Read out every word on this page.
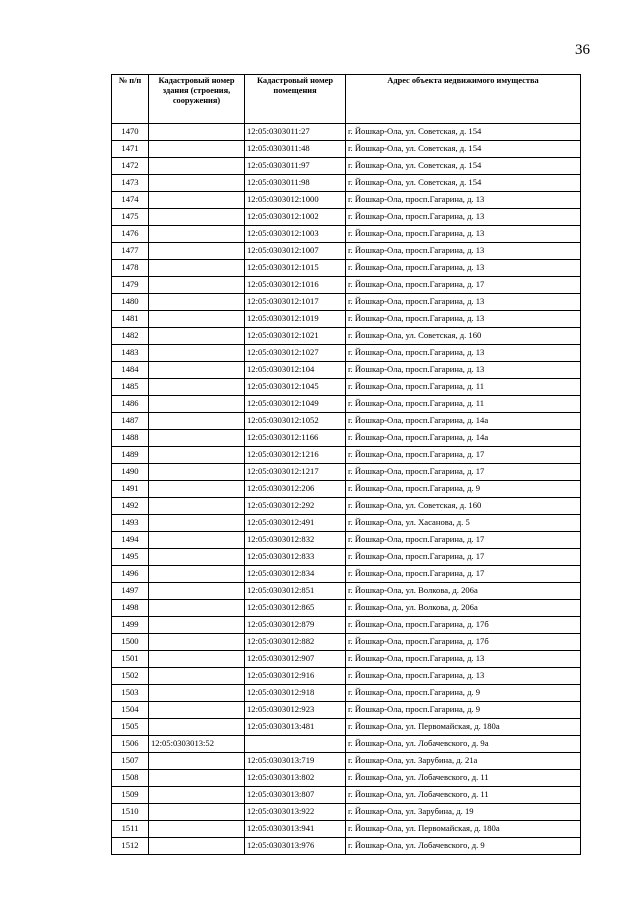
36
№ п/п	Кадастровый номер здания (строения, сооружения)	Кадастровый номер помещения	Адрес объекта недвижимого имущества
1470		12:05:0303011:27	г. Йошкар-Ола, ул. Советская, д. 154
1471		12:05:0303011:48	г. Йошкар-Ола, ул. Советская, д. 154
1472		12:05:0303011:97	г. Йошкар-Ола, ул. Советская, д. 154
1473		12:05:0303011:98	г. Йошкар-Ола, ул. Советская, д. 154
1474		12:05:0303012:1000	г. Йошкар-Ола, просп.Гагарина, д. 13
1475		12:05:0303012:1002	г. Йошкар-Ола, просп.Гагарина, д. 13
1476		12:05:0303012:1003	г. Йошкар-Ола, просп.Гагарина, д. 13
1477		12:05:0303012:1007	г. Йошкар-Ола, просп.Гагарина, д. 13
1478		12:05:0303012:1015	г. Йошкар-Ола, просп.Гагарина, д. 13
1479		12:05:0303012:1016	г. Йошкар-Ола, просп.Гагарина, д. 17
1480		12:05:0303012:1017	г. Йошкар-Ола, просп.Гагарина, д. 13
1481		12:05:0303012:1019	г. Йошкар-Ола, просп.Гагарина, д. 13
1482		12:05:0303012:1021	г. Йошкар-Ола, ул. Советская, д. 160
1483		12:05:0303012:1027	г. Йошкар-Ола, просп.Гагарина, д. 13
1484		12:05:0303012:104	г. Йошкар-Ола, просп.Гагарина, д. 13
1485		12:05:0303012:1045	г. Йошкар-Ола, просп.Гагарина, д. 11
1486		12:05:0303012:1049	г. Йошкар-Ола, просп.Гагарина, д. 11
1487		12:05:0303012:1052	г. Йошкар-Ола, просп.Гагарина, д. 14а
1488		12:05:0303012:1166	г. Йошкар-Ола, просп.Гагарина, д. 14а
1489		12:05:0303012:1216	г. Йошкар-Ола, просп.Гагарина, д. 17
1490		12:05:0303012:1217	г. Йошкар-Ола, просп.Гагарина, д. 17
1491		12:05:0303012:206	г. Йошкар-Ола, просп.Гагарина, д. 9
1492		12:05:0303012:292	г. Йошкар-Ола, ул. Советская, д. 160
1493		12:05:0303012:491	г. Йошкар-Ола, ул. Хасанова, д. 5
1494		12:05:0303012:832	г. Йошкар-Ола, просп.Гагарина, д. 17
1495		12:05:0303012:833	г. Йошкар-Ола, просп.Гагарина, д. 17
1496		12:05:0303012:834	г. Йошкар-Ола, просп.Гагарина, д. 17
1497		12:05:0303012:851	г. Йошкар-Ола, ул. Волкова, д. 206а
1498		12:05:0303012:865	г. Йошкар-Ола, ул. Волкова, д. 206а
1499		12:05:0303012:879	г. Йошкар-Ола, просп.Гагарина, д. 17б
1500		12:05:0303012:882	г. Йошкар-Ола, просп.Гагарина, д. 17б
1501		12:05:0303012:907	г. Йошкар-Ола, просп.Гагарина, д. 13
1502		12:05:0303012:916	г. Йошкар-Ола, просп.Гагарина, д. 13
1503		12:05:0303012:918	г. Йошкар-Ола, просп.Гагарина, д. 9
1504		12:05:0303012:923	г. Йошкар-Ола, просп.Гагарина, д. 9
1505		12:05:0303013:481	г. Йошкар-Ола, ул. Первомайская, д. 180а
1506	12:05:0303013:52		г. Йошкар-Ола, ул. Лобачевского, д. 9а
1507		12:05:0303013:719	г. Йошкар-Ола, ул. Зарубина, д. 21а
1508		12:05:0303013:802	г. Йошкар-Ола, ул. Лобачевского, д. 11
1509		12:05:0303013:807	г. Йошкар-Ола, ул. Лобачевского, д. 11
1510		12:05:0303013:922	г. Йошкар-Ола, ул. Зарубина, д. 19
1511		12:05:0303013:941	г. Йошкар-Ола, ул. Первомайская, д. 180а
1512		12:05:0303013:976	г. Йошкар-Ола, ул. Лобачевского, д. 9
